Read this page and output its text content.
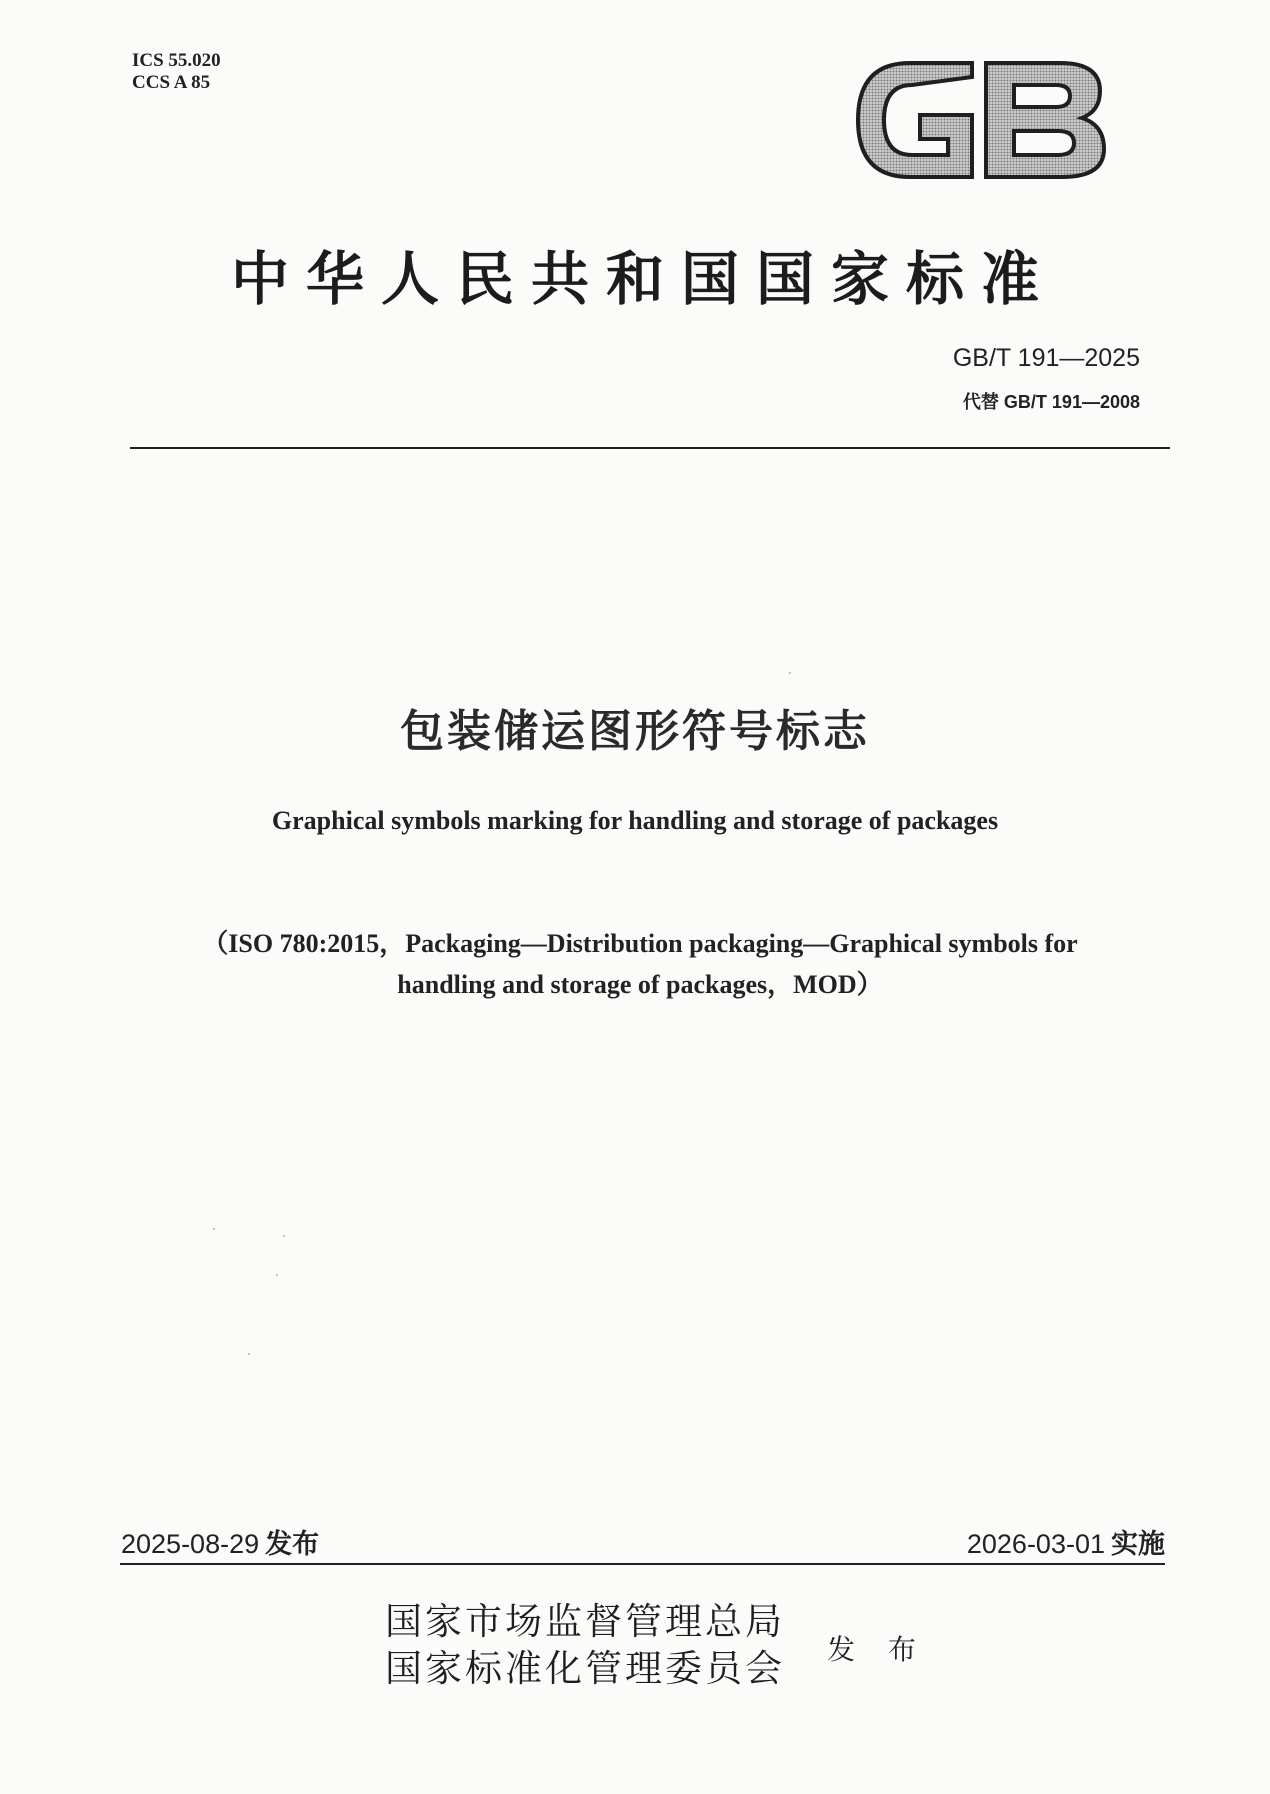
ICS 55.020
CCS A 85
GB
中华人民共和国国家标准
GB/T 191—2025
代替 GB/T 191—2008
包装储运图形符号标志
Graphical symbols marking for handling and storage of packages
（ISO 780:2015，Packaging—Distribution packaging—Graphical symbols for
handling and storage of packages，MOD）
2025-08-29 发布	2026-03-01 实施
国家市场监督管理总局
国家标准化管理委员会 发 布
